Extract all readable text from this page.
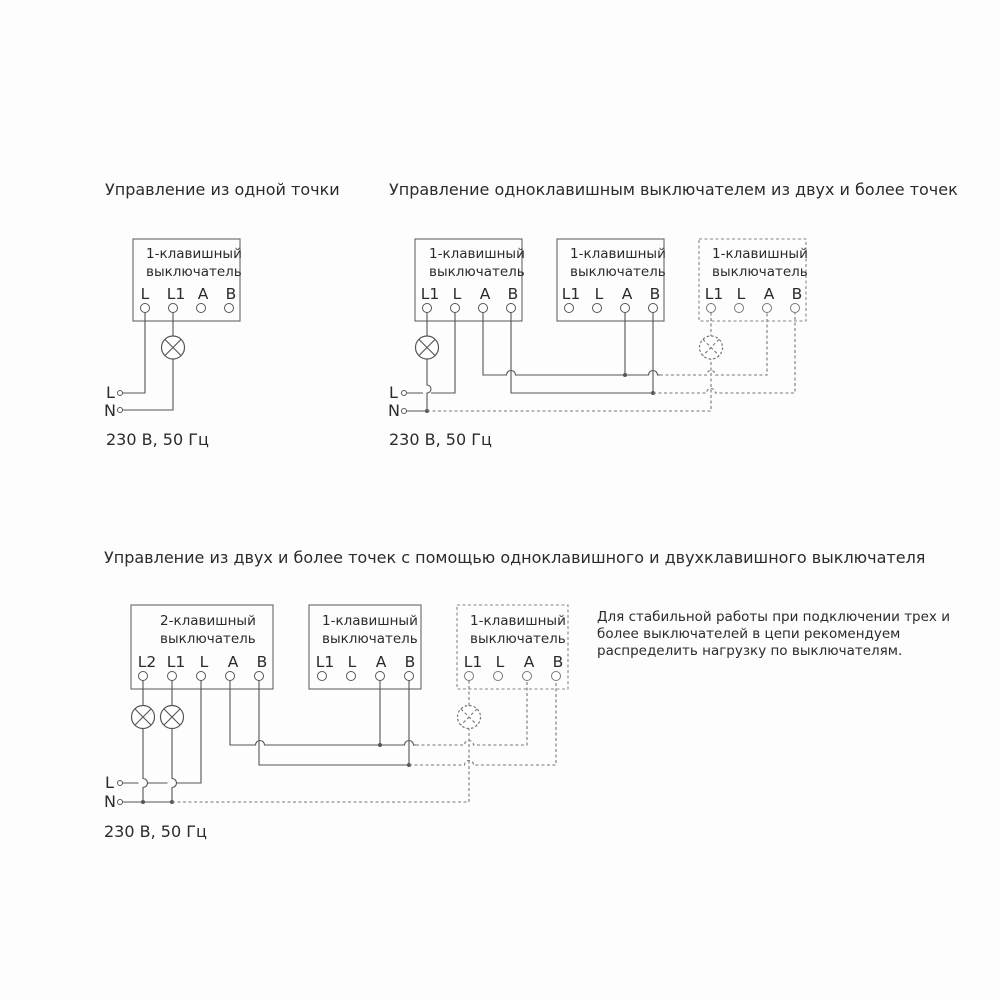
Управление из одной точки
1-клавишный
выключатель
L L1 A B
L
N
230 В, 50 Гц
Управление одноклавишным выключателем из двух и более точек
1-клавишный
выключатель
L1 L A B
1-клавишный
выключатель
L1 L A B
1-клавишный
выключатель
L1 L A B
L
N
230 В, 50 Гц
Управление из двух и более точек с помощью одноклавишного и двухклавишного выключателя
2-клавишный
выключатель
L2 L1 L A B
1-клавишный
выключатель
L1 L A B
1-клавишный
выключатель
L1 L A B
L
N
230 В, 50 Гц
Для стабильной работы при подключении трех и
более выключателей в цепи рекомендуем
распределить нагрузку по выключателям.
